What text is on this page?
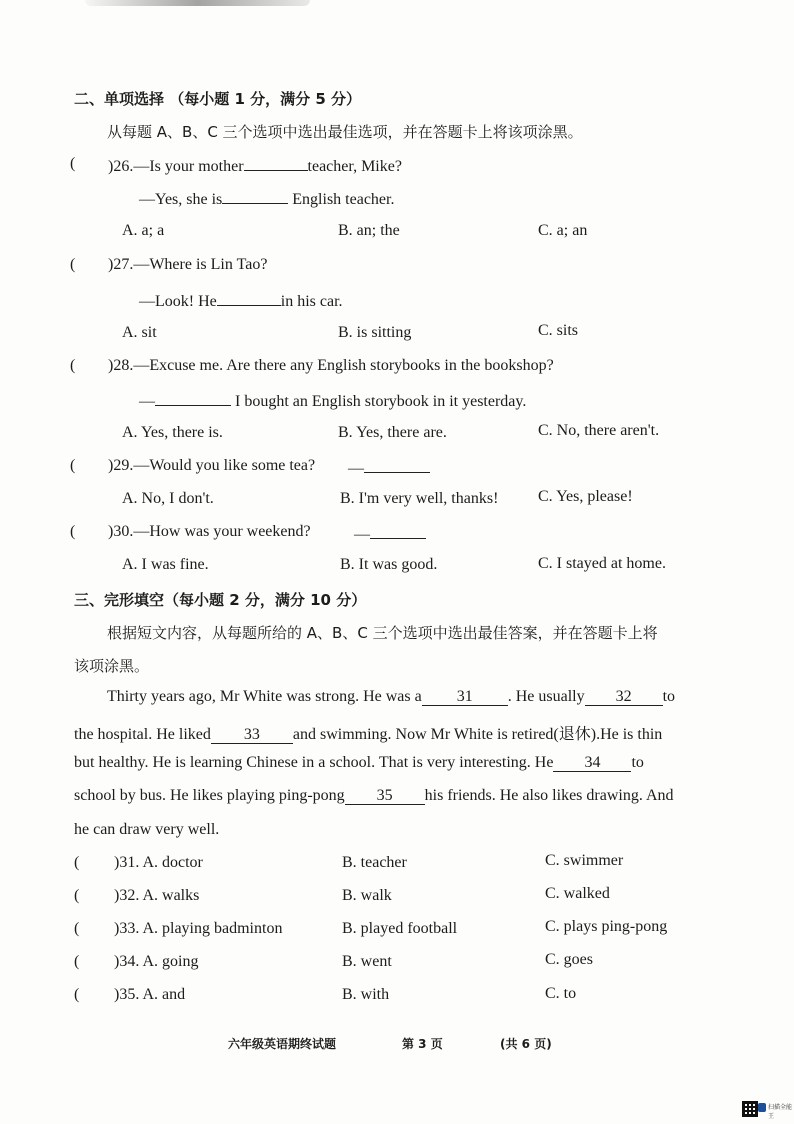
二、单项选择 （每小题 1 分，满分 5 分）
从每题 A、B、C 三个选项中选出最佳选项，并在答题卡上将该项涂黑。
( )26.—Is your mother	teacher, Mike?
—Yes, she is	English teacher.
A. a; a	B. an; the	C. a; an
( )27.—Where is Lin Tao?
—Look! He	in his car.
A. sit	B. is sitting	C. sits
( )28.—Excuse me. Are there any English storybooks in the bookshop?
—	I bought an English storybook in it yesterday.
A. Yes, there is.	B. Yes, there are.	C. No, there aren't.
( )29.—Would you like some tea? —
A. No, I don't.	B. I'm very well, thanks! C. Yes, please!
( )30.—How was your weekend?	—
A. I was fine.	B. It was good.	C. I stayed at home.
三、完形填空（每小题 2 分，满分 10 分）
根据短文内容，从每题所给的 A、B、C 三个选项中选出最佳答案，并在答题卡上将
该项涂黑。
Thirty years ago, Mr White was strong. He was a 31 . He usually 32 to
the hospital. He liked 33 and swimming. Now Mr White is retired(退休).He is thin
but healthy. He is learning Chinese in a school. That is very interesting. He 34 to
school by bus. He likes playing ping-pong 35 his friends. He also likes drawing. And
he can draw very well.
( )31. A. doctor	B. teacher	C. swimmer
( )32. A. walks	B. walk	C. walked
( )33. A. playing badminton	B. played football	C. plays ping-pong
( )34. A. going	B. went	C. goes
( )35. A. and	B. with	C. to
六年级英语期终试题	第 3 页	(共 6 页)
扫描全能王
